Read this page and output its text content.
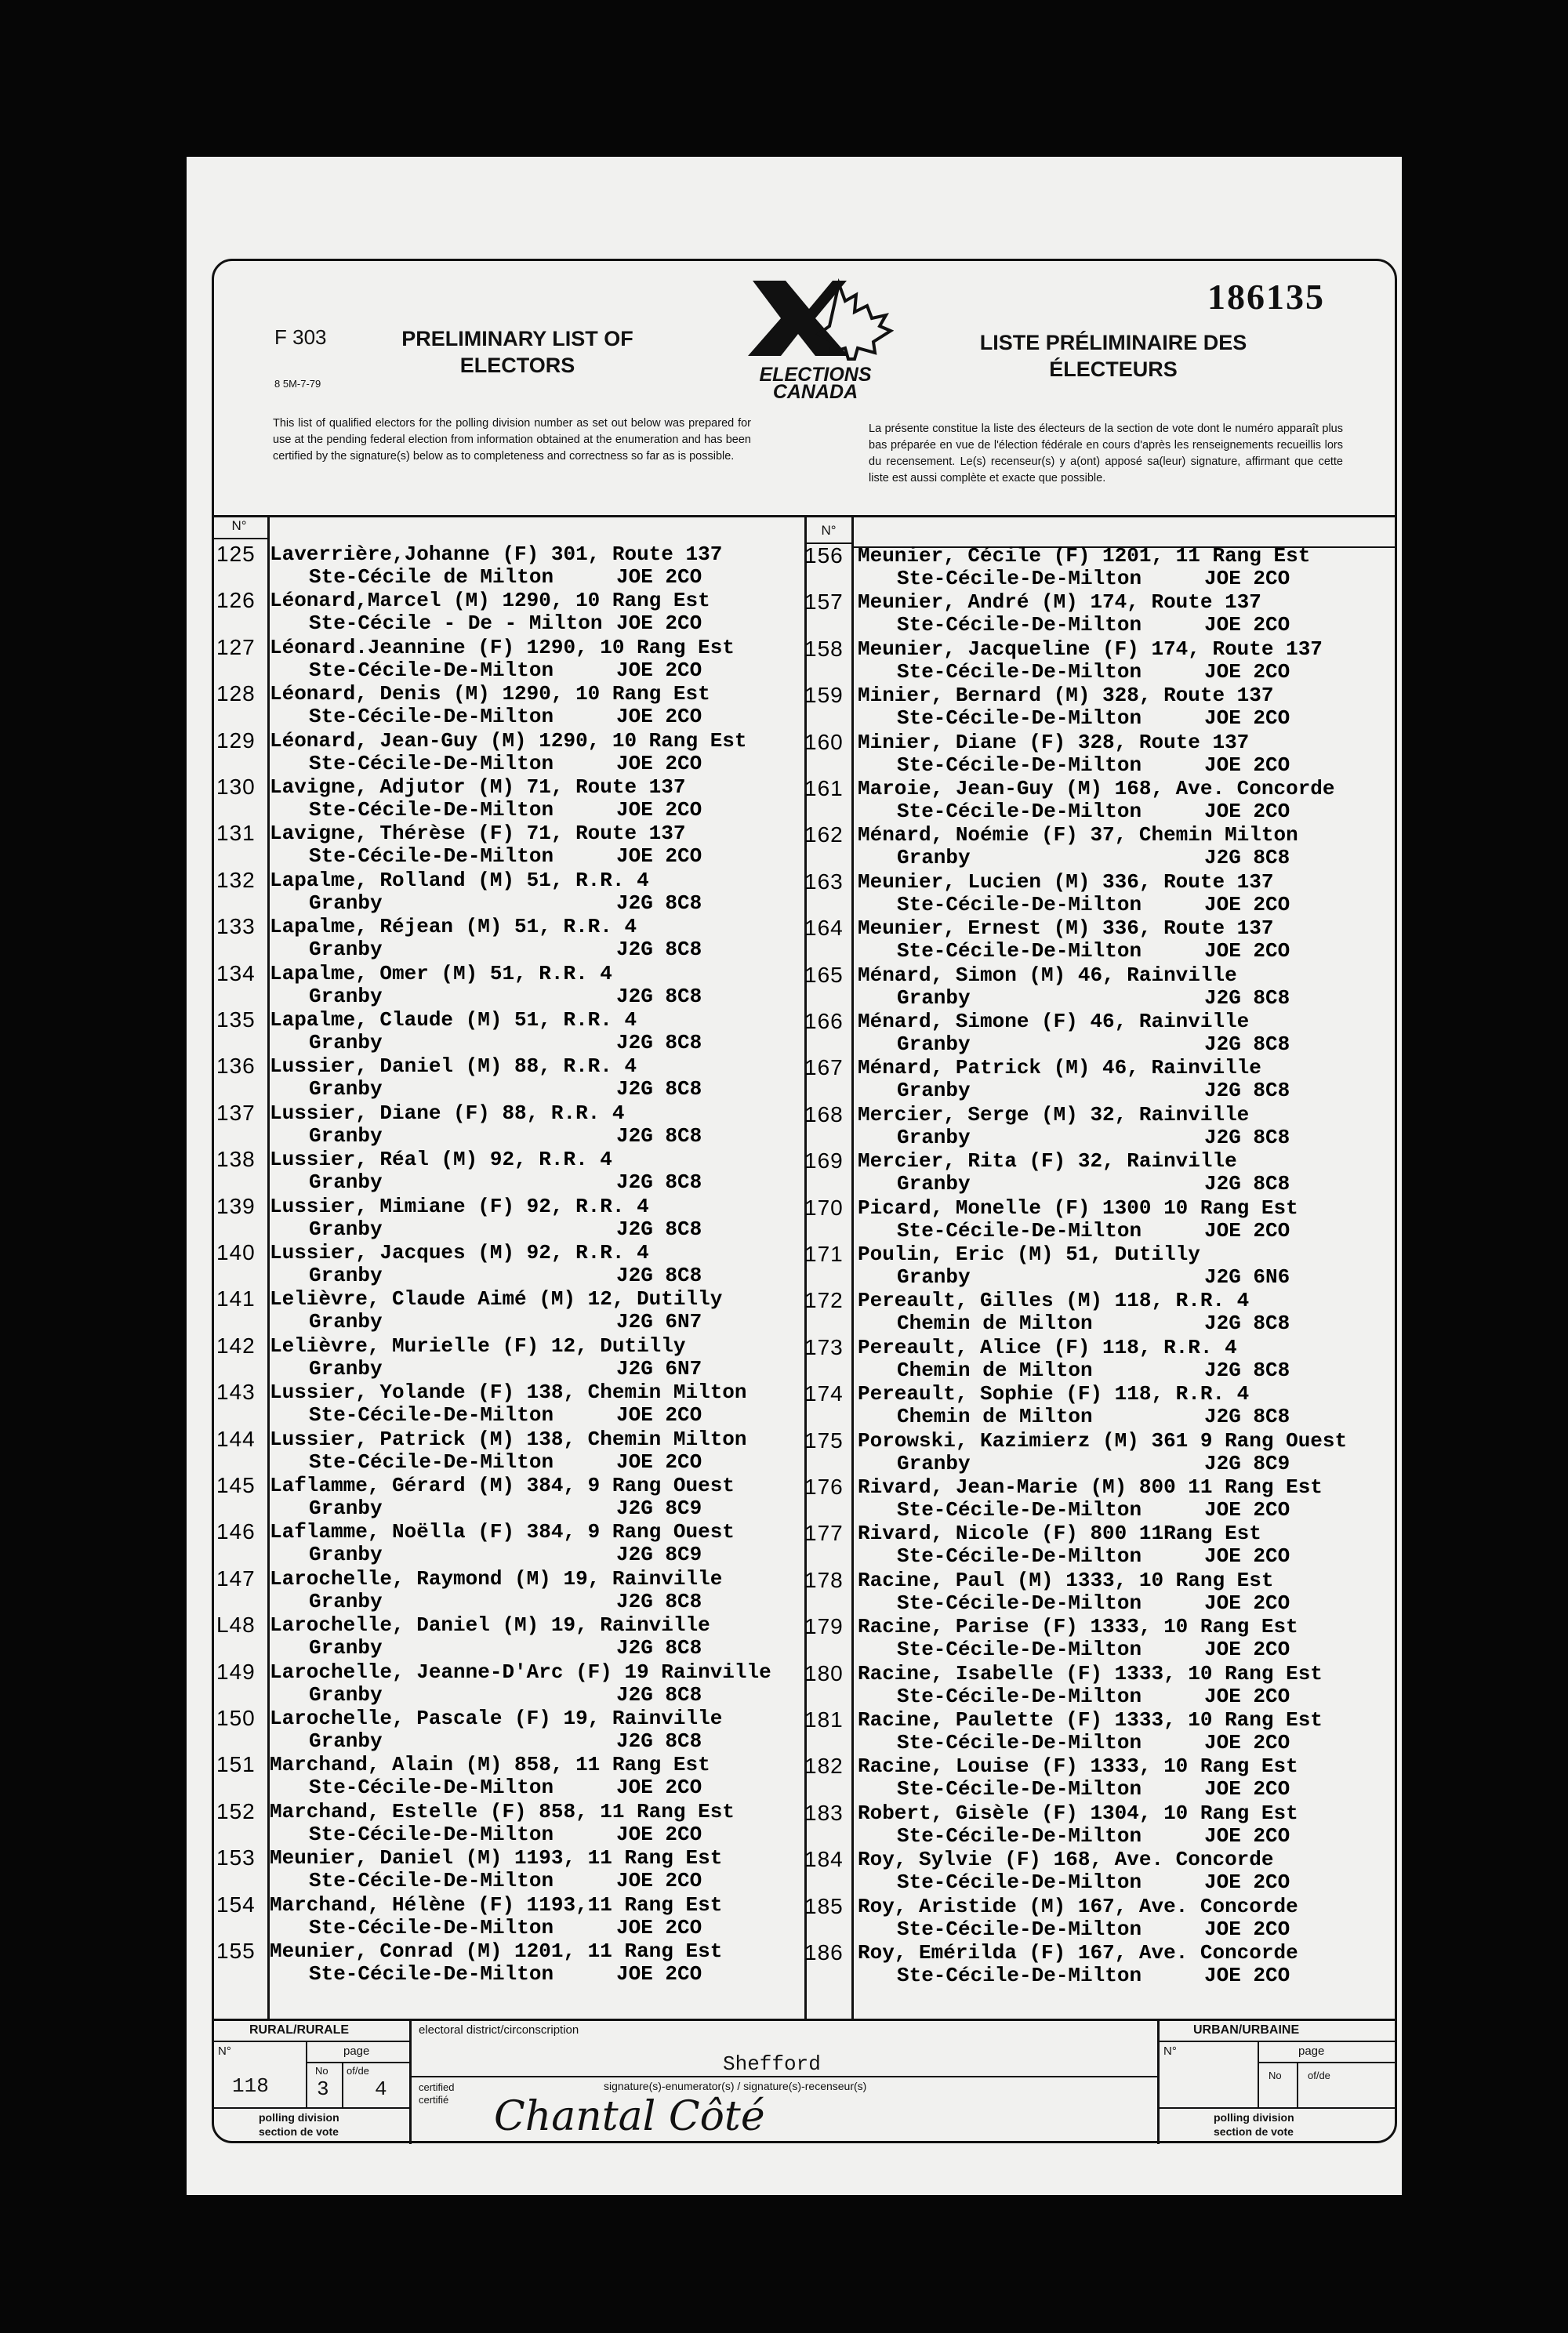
F 303
8 5M-7-79
PRELIMINARY LIST OF
ELECTORS	ELECTIONS
CANADA
186135
LISTE PRÉLIMINAIRE DES
ÉLECTEURS
This list of qualified electors for the polling division number as set out below was prepared for use at the pending federal election from information obtained at the enumeration and has been certified by the signature(s) below as to completeness and correctness so far as is possible.
La présente constitue la liste des électeurs de la section de vote dont le numéro apparaît plus bas préparée en vue de l'élection fédérale en cours d'après les renseignements recueillis lors du recensement. Le(s) recenseur(s) y a(ont) apposé sa(leur) signature, affirmant que cette liste est aussi complète et exacte que possible.
N°	N°
125 Laverrière,Johanne (F) 301, Route 137
Ste-Cécile de Milton	JOE 2CO
126 Léonard,Marcel (M) 1290, 10 Rang Est
Ste-Cécile - De - Milton JOE 2CO
127 Léonard.Jeannine (F) 1290, 10 Rang Est
Ste-Cécile-De-Milton	JOE 2CO
128 Léonard, Denis (M) 1290, 10 Rang Est
Ste-Cécile-De-Milton	JOE 2CO
129 Léonard, Jean-Guy (M) 1290, 10 Rang Est
Ste-Cécile-De-Milton	JOE 2CO
130 Lavigne, Adjutor (M) 71, Route 137
Ste-Cécile-De-Milton	JOE 2CO
131 Lavigne, Thérèse (F) 71, Route 137
Ste-Cécile-De-Milton	JOE 2CO
132 Lapalme, Rolland (M) 51, R.R. 4
Granby	J2G 8C8
133 Lapalme, Réjean (M) 51, R.R. 4
Granby	J2G 8C8
134 Lapalme, Omer (M) 51, R.R. 4
Granby	J2G 8C8
135 Lapalme, Claude (M) 51, R.R. 4
Granby	J2G 8C8
136 Lussier, Daniel (M) 88, R.R. 4
Granby	J2G 8C8
137 Lussier, Diane (F) 88, R.R. 4
Granby	J2G 8C8
138 Lussier, Réal (M) 92, R.R. 4
Granby	J2G 8C8
139 Lussier, Mimiane (F) 92, R.R. 4
Granby	J2G 8C8
140 Lussier, Jacques (M) 92, R.R. 4
Granby	J2G 8C8
141 Lelièvre, Claude Aimé (M) 12, Dutilly
Granby	J2G 6N7
142 Lelièvre, Murielle (F) 12, Dutilly
Granby	J2G 6N7
143 Lussier, Yolande (F) 138, Chemin Milton
Ste-Cécile-De-Milton	JOE 2CO
144 Lussier, Patrick (M) 138, Chemin Milton
Ste-Cécile-De-Milton	JOE 2CO
145 Laflamme, Gérard (M) 384, 9 Rang Ouest
Granby	J2G 8C9
146 Laflamme, Noëlla (F) 384, 9 Rang Ouest
Granby	J2G 8C9
147 Larochelle, Raymond (M) 19, Rainville
Granby	J2G 8C8
L48 Larochelle, Daniel (M) 19, Rainville
Granby	J2G 8C8
149 Larochelle, Jeanne-D'Arc (F) 19 Rainville
Granby	J2G 8C8
150 Larochelle, Pascale (F) 19, Rainville
Granby	J2G 8C8
151 Marchand, Alain (M) 858, 11 Rang Est
Ste-Cécile-De-Milton	JOE 2CO
152 Marchand, Estelle (F) 858, 11 Rang Est
Ste-Cécile-De-Milton	JOE 2CO
153 Meunier, Daniel (M) 1193, 11 Rang Est
Ste-Cécile-De-Milton	JOE 2CO
154 Marchand, Hélène (F) 1193,11 Rang Est
Ste-Cécile-De-Milton	JOE 2CO
155 Meunier, Conrad (M) 1201, 11 Rang Est
Ste-Cécile-De-Milton	JOE 2CO
156 Meunier, Cécile (F) 1201, 11 Rang Est
Ste-Cécile-De-Milton	JOE 2CO
157 Meunier, André (M) 174, Route 137
Ste-Cécile-De-Milton	JOE 2CO
158 Meunier, Jacqueline (F) 174, Route 137
Ste-Cécile-De-Milton	JOE 2CO
159 Minier, Bernard (M) 328, Route 137
Ste-Cécile-De-Milton	JOE 2CO
160 Minier, Diane (F) 328, Route 137
Ste-Cécile-De-Milton	JOE 2CO
161 Maroie, Jean-Guy (M) 168, Ave. Concorde
Ste-Cécile-De-Milton	JOE 2CO
162 Ménard, Noémie (F) 37, Chemin Milton
Granby	J2G 8C8
163 Meunier, Lucien (M) 336, Route 137
Ste-Cécile-De-Milton	JOE 2CO
164 Meunier, Ernest (M) 336, Route 137
Ste-Cécile-De-Milton	JOE 2CO
165 Ménard, Simon (M) 46, Rainville
Granby	J2G 8C8
166 Ménard, Simone (F) 46, Rainville
Granby	J2G 8C8
167 Ménard, Patrick (M) 46, Rainville
Granby	J2G 8C8
168 Mercier, Serge (M) 32, Rainville
Granby	J2G 8C8
169 Mercier, Rita (F) 32, Rainville
Granby	J2G 8C8
170 Picard, Monelle (F) 1300 10 Rang Est
Ste-Cécile-De-Milton	JOE 2CO
171 Poulin, Eric (M) 51, Dutilly
Granby	J2G 6N6
172 Pereault, Gilles (M) 118, R.R. 4
Chemin de Milton	J2G 8C8
173 Pereault, Alice (F) 118, R.R. 4
Chemin de Milton	J2G 8C8
174 Pereault, Sophie (F) 118, R.R. 4
Chemin de Milton	J2G 8C8
175 Porowski, Kazimierz (M) 361 9 Rang Ouest
Granby	J2G 8C9
176 Rivard, Jean-Marie (M) 800 11 Rang Est
Ste-Cécile-De-Milton	JOE 2CO
177 Rivard, Nicole (F) 800 11Rang Est
Ste-Cécile-De-Milton	JOE 2CO
178 Racine, Paul (M) 1333, 10 Rang Est
Ste-Cécile-De-Milton	JOE 2CO
179 Racine, Parise (F) 1333, 10 Rang Est
Ste-Cécile-De-Milton	JOE 2CO
180 Racine, Isabelle (F) 1333, 10 Rang Est
Ste-Cécile-De-Milton	JOE 2CO
181 Racine, Paulette (F) 1333, 10 Rang Est
Ste-Cécile-De-Milton	JOE 2CO
182 Racine, Louise (F) 1333, 10 Rang Est
Ste-Cécile-De-Milton	JOE 2CO
183 Robert, Gisèle (F) 1304, 10 Rang Est
Ste-Cécile-De-Milton	JOE 2CO
184 Roy, Sylvie (F) 168, Ave. Concorde
Ste-Cécile-De-Milton	JOE 2CO
185 Roy, Aristide (M) 167, Ave. Concorde
Ste-Cécile-De-Milton	JOE 2CO
186 Roy, Emérilda (F) 167, Ave. Concorde
Ste-Cécile-De-Milton	JOE 2CO
RURAL/RURALE
N°
118
page
No
3
of/de
4
polling division
section de vote
electoral district/circonscription
Shefford
certified
certifié
signature(s)-enumerator(s) / signature(s)-recenseur(s)
Chantal Côté
URBAN/URBAINE
N°	page
No	of/de
polling division
section de vote
